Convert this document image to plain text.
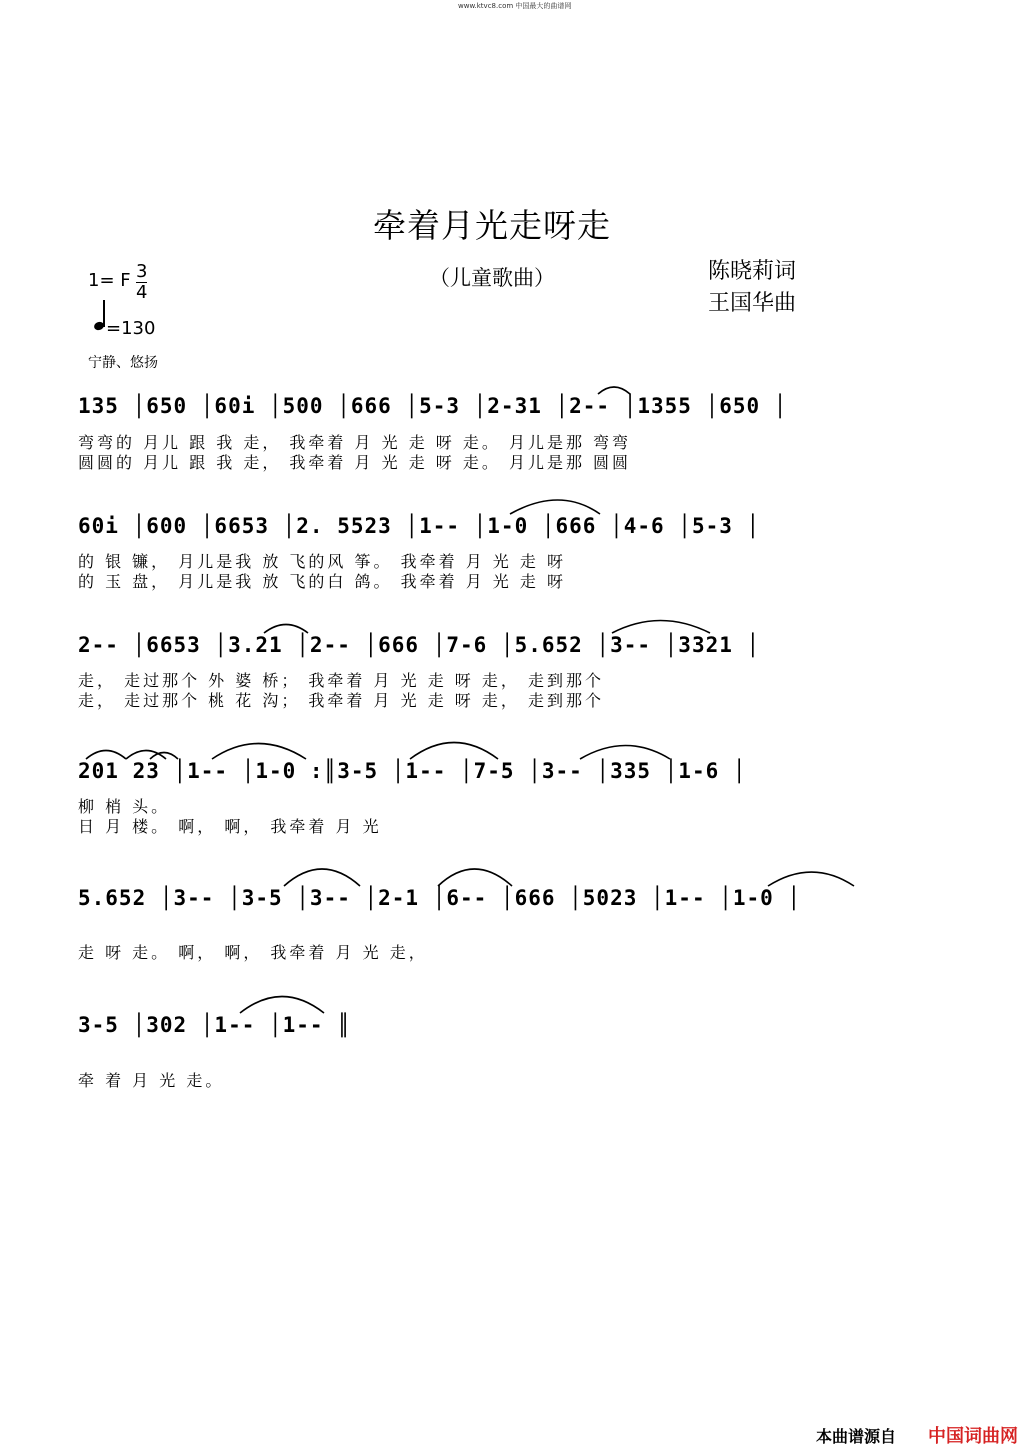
www.ktvc8.com 中国最大的曲谱网
牵着月光走呀走
（儿童歌曲）	陈晓莉词
王国华曲
1= F $\frac{3}{4}$
=130
宁静、悠扬
135 │650 │60i │500 │666 │5-3 │2-31 │2-- │1355 │650 │
弯弯的 月儿 跟 我 走， 我牵着 月 光 走 呀 走。 月儿是那 弯弯
圆圆的 月儿 跟 我 走， 我牵着 月 光 走 呀 走。 月儿是那 圆圆
60i │600 │6653 │2. 5523 │1-- │1-0 │666 │4-6 │5-3 │
的 银 镰， 月儿是我 放 飞的风 筝。 我牵着 月 光 走 呀
的 玉 盘， 月儿是我 放 飞的白 鸽。 我牵着 月 光 走 呀
2-- │6653 │3.21 │2-- │666 │7-6 │5.652 │3-- │3321 │
走， 走过那个 外 婆 桥； 我牵着 月 光 走 呀 走， 走到那个
走， 走过那个 桃 花 沟； 我牵着 月 光 走 呀 走， 走到那个
201 23 │1-- │1-0 :║3-5 │1-- │7-5 │3-- │335 │1-6 │
柳 梢 头。
日 月 楼。 啊， 啊， 我牵着 月 光
5.652 │3-- │3-5 │3-- │2-1 │6-- │666 │5023 │1-- │1-0 │
走 呀 走。 啊， 啊， 我牵着 月 光 走，
3-5 │302 │1-- │1-- ║
牵 着 月 光 走。
本曲谱源自 中国词曲网
